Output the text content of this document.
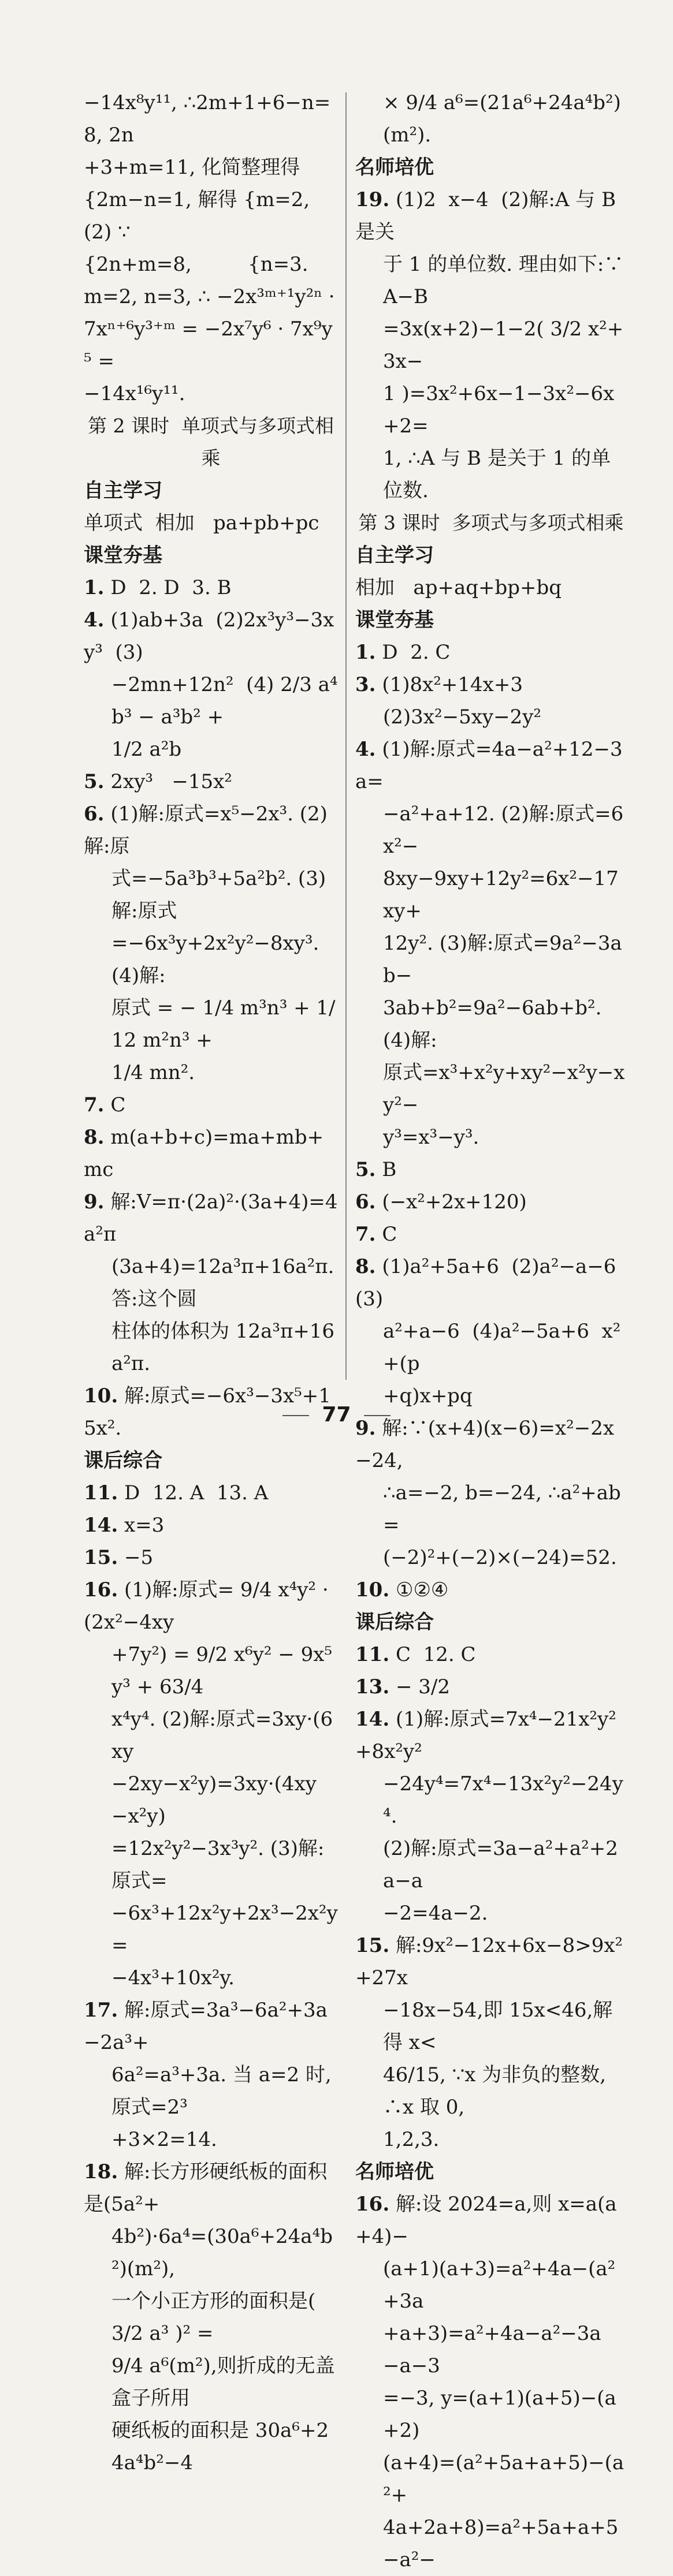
−14x⁸y¹¹, ∴2m+1+6−n=8, 2n
+3+m=11, 化简整理得
{2m−n=1, 解得 {m=2,    (2) ∵
{2n+m=8,         {n=3.
m=2, n=3, ∴ −2x³ᵐ⁺¹y²ⁿ ·
7xⁿ⁺⁶y³⁺ᵐ = −2x⁷y⁶ · 7x⁹y⁵ =
−14x¹⁶y¹¹.
第 2 课时  单项式与多项式相乘
自主学习
单项式  相加   pa+pb+pc
课堂夯基
1. D  2. D  3. B
4. (1)ab+3a  (2)2x³y³−3xy³  (3)
−2mn+12n²  (4) 2/3 a⁴b³ − a³b² +
1/2 a²b
5. 2xy³   −15x²
6. (1)解:原式=x⁵−2x³. (2)解:原
式=−5a³b³+5a²b². (3)解:原式
=−6x³y+2x²y²−8xy³. (4)解:
原式 = − 1/4 m³n³ + 1/12 m²n³ +
1/4 mn².
7. C
8. m(a+b+c)=ma+mb+mc
9. 解:V=π·(2a)²·(3a+4)=4a²π
(3a+4)=12a³π+16a²π. 答:这个圆
柱体的体积为 12a³π+16a²π.
10. 解:原式=−6x³−3x⁵+15x².
课后综合
11. D  12. A  13. A
14. x=3
15. −5
16. (1)解:原式= 9/4 x⁴y² ·(2x²−4xy
+7y²) = 9/2 x⁶y² − 9x⁵y³ + 63/4
x⁴y⁴. (2)解:原式=3xy·(6xy
−2xy−x²y)=3xy·(4xy−x²y)
=12x²y²−3x³y². (3)解:原式=
−6x³+12x²y+2x³−2x²y=
−4x³+10x²y.
17. 解:原式=3a³−6a²+3a−2a³+
6a²=a³+3a. 当 a=2 时,原式=2³
+3×2=14.
18. 解:长方形硬纸板的面积是(5a²+
4b²)·6a⁴=(30a⁶+24a⁴b²)(m²),
一个小正方形的面积是( 3/2 a³ )² =
9/4 a⁶(m²),则折成的无盖盒子所用
硬纸板的面积是 30a⁶+24a⁴b²−4
× 9/4 a⁶=(21a⁶+24a⁴b²)(m²).
名师培优
19. (1)2  x−4  (2)解:A 与 B 是关
于 1 的单位数. 理由如下:∵A−B
=3x(x+2)−1−2( 3/2 x²+3x−
1 )=3x²+6x−1−3x²−6x+2=
1, ∴A 与 B 是关于 1 的单位数.
第 3 课时  多项式与多项式相乘
自主学习
相加   ap+aq+bp+bq
课堂夯基
1. D  2. C
3. (1)8x²+14x+3
(2)3x²−5xy−2y²
4. (1)解:原式=4a−a²+12−3a=
−a²+a+12. (2)解:原式=6x²−
8xy−9xy+12y²=6x²−17xy+
12y². (3)解:原式=9a²−3ab−
3ab+b²=9a²−6ab+b². (4)解:
原式=x³+x²y+xy²−x²y−xy²−
y³=x³−y³.
5. B
6. (−x²+2x+120)
7. C
8. (1)a²+5a+6  (2)a²−a−6  (3)
a²+a−6  (4)a²−5a+6  x²+(p
+q)x+pq
9. 解:∵(x+4)(x−6)=x²−2x−24,
∴a=−2, b=−24, ∴a²+ab=
(−2)²+(−2)×(−24)=52.
10. ①②④
课后综合
11. C  12. C
13. − 3/2
14. (1)解:原式=7x⁴−21x²y²+8x²y²
−24y⁴=7x⁴−13x²y²−24y⁴.
(2)解:原式=3a−a²+a²+2a−a
−2=4a−2.
15. 解:9x²−12x+6x−8>9x²+27x
−18x−54,即 15x<46,解得 x<
46/15, ∵x 为非负的整数, ∴x 取 0,
1,2,3.
名师培优
16. 解:设 2024=a,则 x=a(a+4)−
(a+1)(a+3)=a²+4a−(a²+3a
+a+3)=a²+4a−a²−3a−a−3
=−3, y=(a+1)(a+5)−(a+2)
(a+4)=(a²+5a+a+5)−(a²+
4a+2a+8)=a²+5a+a+5−a²−
77
